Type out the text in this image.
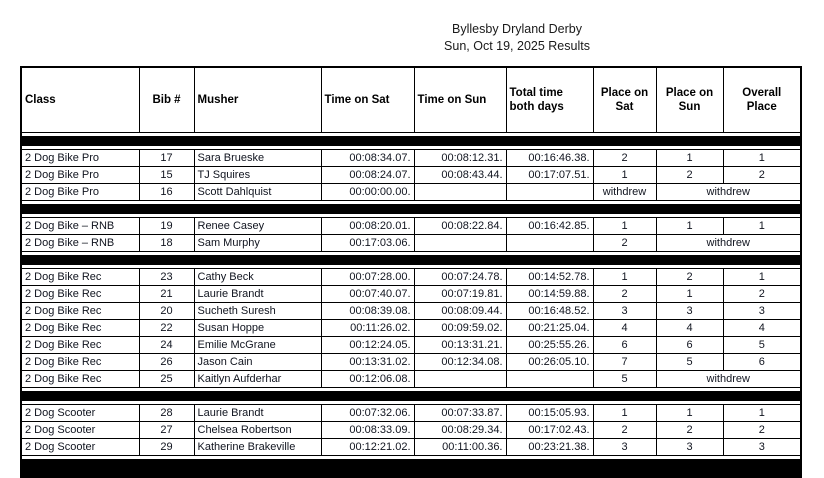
Byllesby Dryland Derby
Sun, Oct 19, 2025 Results
Class	Bib #	Musher	Time on Sat	Time on Sun	Total time both days	Place on Sat	Place on Sun	Overall Place

2 Dog Bike Pro	17	Sara Brueske	00:08:34.07.	00:08:12.31.	00:16:46.38.	2	1	1
2 Dog Bike Pro	15	TJ Squires	00:08:24.07.	00:08:43.44.	00:17:07.51.	1	2	2
2 Dog Bike Pro	16	Scott Dahlquist	00:00:00.00.			withdrew	withdrew	

2 Dog Bike – RNB	19	Renee Casey	00:08:20.01.	00:08:22.84.	00:16:42.85.	1	1	1
2 Dog Bike – RNB	18	Sam Murphy	00:17:03.06.			2	withdrew	

2 Dog Bike Rec	23	Cathy Beck	00:07:28.00.	00:07:24.78.	00:14:52.78.	1	2	1
2 Dog Bike Rec	21	Laurie Brandt	00:07:40.07.	00:07:19.81.	00:14:59.88.	2	1	2
2 Dog Bike Rec	20	Sucheth Suresh	00:08:39.08.	00:08:09.44.	00:16:48.52.	3	3	3
2 Dog Bike Rec	22	Susan Hoppe	00:11:26.02.	00:09:59.02.	00:21:25.04.	4	4	4
2 Dog Bike Rec	24	Emilie McGrane	00:12:24.05.	00:13:31.21.	00:25:55.26.	6	6	5
2 Dog Bike Rec	26	Jason Cain	00:13:31.02.	00:12:34.08.	00:26:05.10.	7	5	6
2 Dog Bike Rec	25	Kaitlyn Aufderhar	00:12:06.08.			5	withdrew	

2 Dog Scooter	28	Laurie Brandt	00:07:32.06.	00:07:33.87.	00:15:05.93.	1	1	1
2 Dog Scooter	27	Chelsea Robertson	00:08:33.09.	00:08:29.34.	00:17:02.43.	2	2	2
2 Dog Scooter	29	Katherine Brakeville	00:12:21.02.	00:11:00.36.	00:23:21.38.	3	3	3
